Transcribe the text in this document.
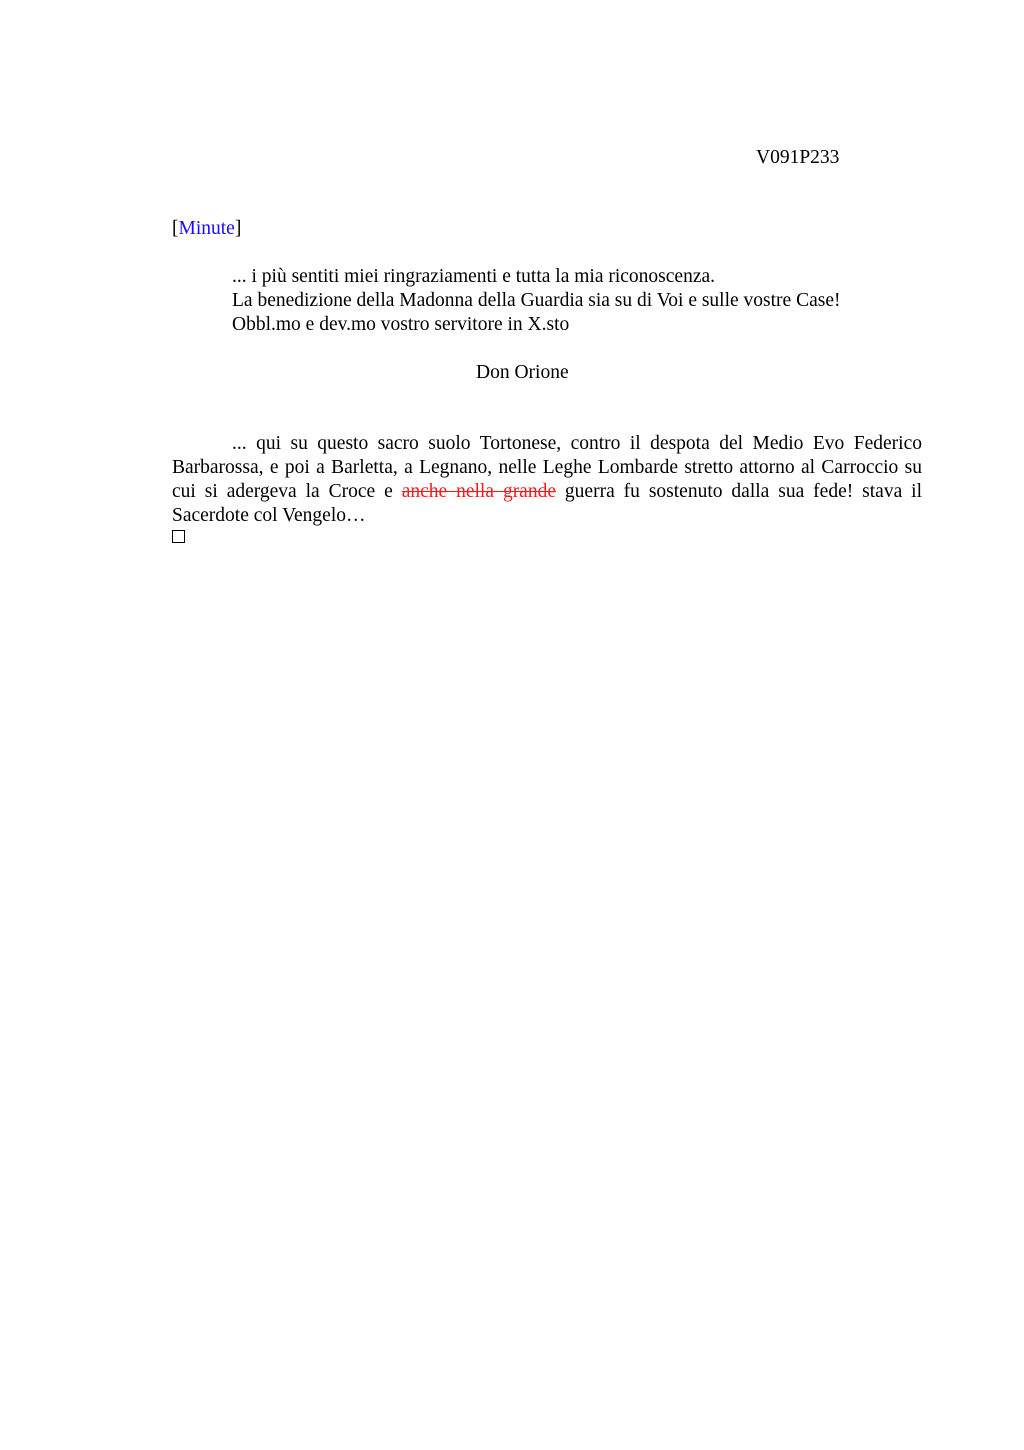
V091P233
[Minute]
... i più sentiti miei ringraziamenti e tutta la mia riconoscenza.
La benedizione della Madonna della Guardia sia su di Voi e sulle vostre Case!
Obbl.mo e dev.mo vostro servitore in X.sto
Don Orione
... qui su questo sacro suolo Tortonese, contro il despota del Medio Evo Federico Barbarossa, e poi a Barletta, a Legnano, nelle Leghe Lombarde stretto attorno al Carroccio su cui si adergeva la Croce e anche nella grande guerra fu sostenuto dalla sua fede! stava il Sacerdote col Vengelo…
